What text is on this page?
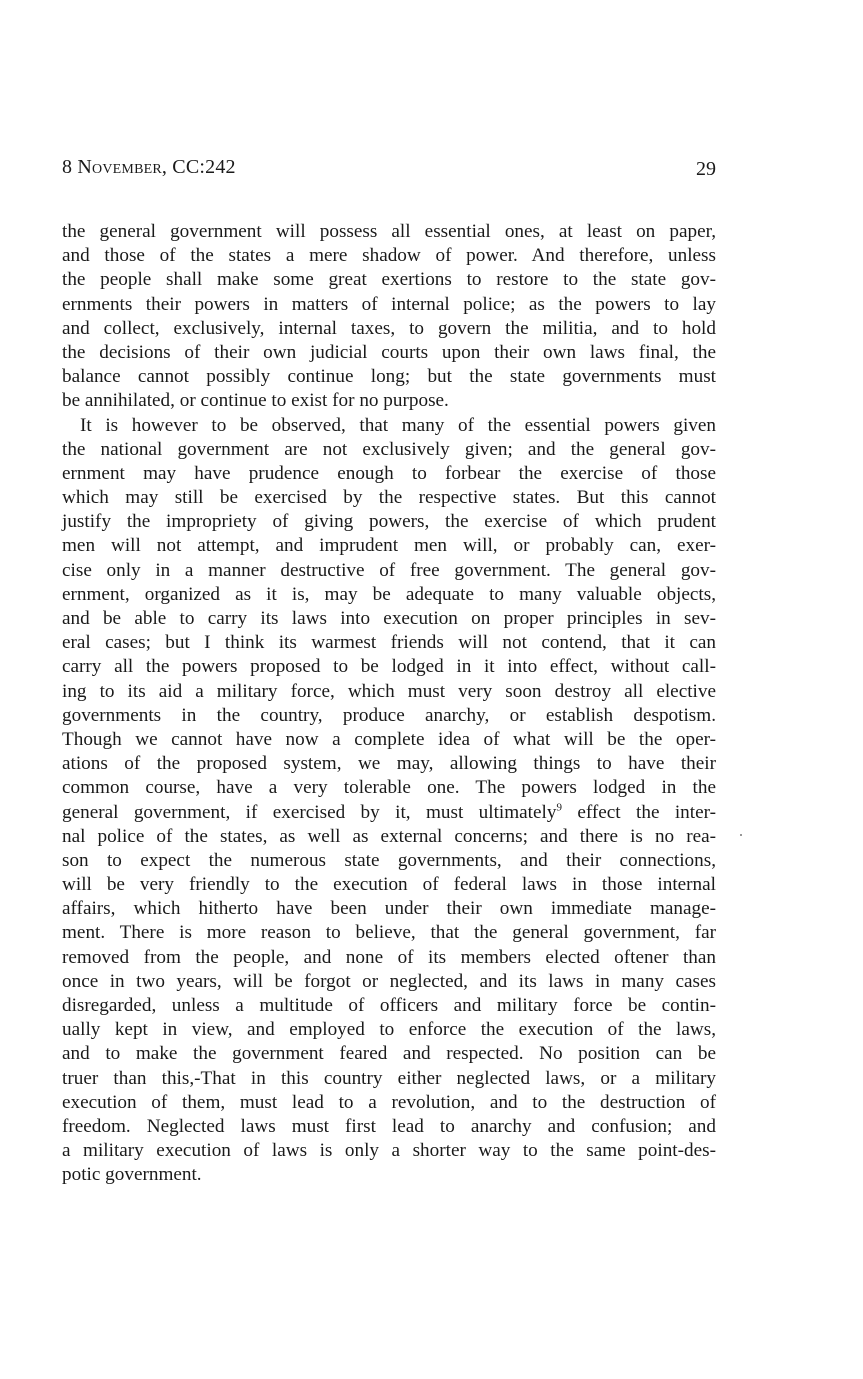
8 November, CC:242	29
the general government will possess all essential ones, at least on paper,
and those of the states a mere shadow of power. And therefore, unless
the people shall make some great exertions to restore to the state gov-
ernments their powers in matters of internal police; as the powers to lay
and collect, exclusively, internal taxes, to govern the militia, and to hold
the decisions of their own judicial courts upon their own laws final, the
balance cannot possibly continue long; but the state governments must
be annihilated, or continue to exist for no purpose.
It is however to be observed, that many of the essential powers given
the national government are not exclusively given; and the general gov-
ernment may have prudence enough to forbear the exercise of those
which may still be exercised by the respective states. But this cannot
justify the impropriety of giving powers, the exercise of which prudent
men will not attempt, and imprudent men will, or probably can, exer-
cise only in a manner destructive of free government. The general gov-
ernment, organized as it is, may be adequate to many valuable objects,
and be able to carry its laws into execution on proper principles in sev-
eral cases; but I think its warmest friends will not contend, that it can
carry all the powers proposed to be lodged in it into effect, without call-
ing to its aid a military force, which must very soon destroy all elective
governments in the country, produce anarchy, or establish despotism.
Though we cannot have now a complete idea of what will be the oper-
ations of the proposed system, we may, allowing things to have their
common course, have a very tolerable one. The powers lodged in the
general government, if exercised by it, must ultimately$^9$ effect the inter-
nal police of the states, as well as external concerns; and there is no rea-
son to expect the numerous state governments, and their connections,
will be very friendly to the execution of federal laws in those internal
affairs, which hitherto have been under their own immediate manage-
ment. There is more reason to believe, that the general government, far
removed from the people, and none of its members elected oftener than
once in two years, will be forgot or neglected, and its laws in many cases
disregarded, unless a multitude of officers and military force be contin-
ually kept in view, and employed to enforce the execution of the laws,
and to make the government feared and respected. No position can be
truer than this,-That in this country either neglected laws, or a military
execution of them, must lead to a revolution, and to the destruction of
freedom. Neglected laws must first lead to anarchy and confusion; and
a military execution of laws is only a shorter way to the same point-des-
potic government.
